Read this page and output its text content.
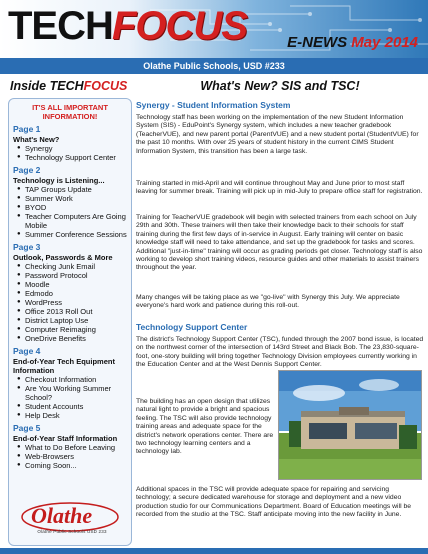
TECH FOCUS	E-NEWS May 2014
Olathe Public Schools, USD #233
Inside TECHFOCUS
IT'S ALL IMPORTANT INFORMATION!
Page 1
What's New?
● Synergy
● Technology Support Center
Page 2
Technology is Listening...
● TAP Groups Update
● Summer Work
● BYOD
● Teacher Computers Are Going Mobile
● Summer Conference Sessions
Page 3
Outlook, Passwords & More
● Checking Junk Email
● Password Protocol
● Moodle
● Edmodo
● WordPress
● Office 2013 Roll Out
● District Laptop Use
● Computer Reimaging
● OneDrive Benefits
Page 4
End-of-Year Tech Equipment Information
● Checkout Information
● Are You Working Summer School?
● Student Accounts
● Help Desk
Page 5
End-of-Year Staff Information
● What to Do Before Leaving
● Web-Browsers
● Coming Soon...
Olathe
Olathe Public Schools USD 233
What's New? SIS and TSC!
Synergy - Student Information System
Technology staff has been working on the implementation of the new Student Information System (SIS) - EduPoint's Synergy system, which includes a new teacher gradebook (TeacherVUE), and new parent portal (ParentVUE) and a new student portal (StudentVUE) for the past 10 months. With over 25 years of student history in the current CIMS Student Information System, this transition has been a large task.
Training started in mid-April and will continue throughout May and June prior to most staff leaving for summer break. Training will pick up in mid-July to prepare office staff for registration.
Training for TeacherVUE gradebook will begin with selected trainers from each school on July 29th and 30th. These trainers will then take their knowledge back to their schools for staff training during the first few days of in-service in August. Early training will center on basic knowledge staff will need to take attendance, and set up the gradebook for tasks and scores. Additional "just-in-time" training will occur as grading periods get closer. Technology staff is also working to develop short training videos, resource guides and other materials to assist trainers throughout the year.
Many changes will be taking place as we "go-live" with Synergy this July. We appreciate everyone's hard work and patience during this roll-out.
Technology Support Center
The district's Technology Support Center (TSC), funded through the 2007 bond issue, is located on the northwest corner of the intersection of 143rd Street and Black Bob. The 23,830-square-foot, one-story building will bring together Technology Division employees currently working in the Education Center and at the West Dennis Support Center.
The building has an open design that utilizes natural light to provide a bright and spacious feeling. The TSC will also provide technology training areas and adequate space for the district's network operations center. There are two technology learning centers and a technology lab.
Additional spaces in the TSC will provide adequate space for repairing and servicing technology; a secure dedicated warehouse for storage and deployment and a new video production studio for our Communications Department. Board of Education meetings will be recorded from the studio at the TSC. Staff anticipate moving into the new facility in June.
